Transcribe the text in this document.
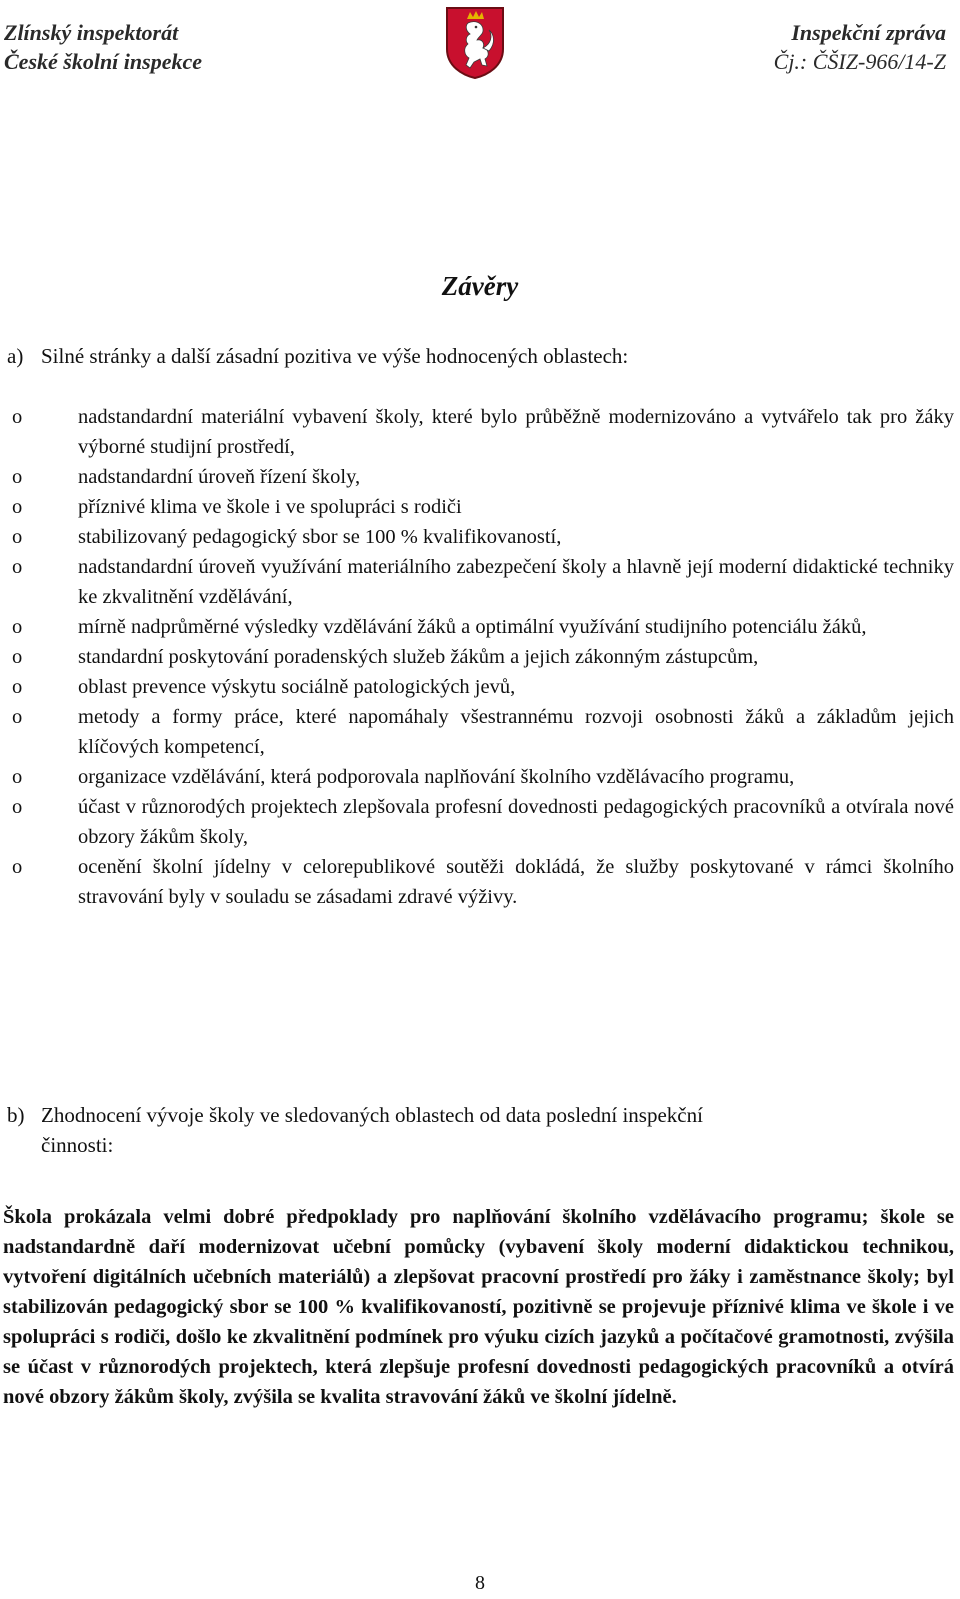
Zlínský inspektorát
České školní inspekce
Inspekční zpráva
Čj.: ČŠIZ-966/14-Z
Závěry
a) Silné stránky a další zásadní pozitiva ve výše hodnocených oblastech:
o	nadstandardní materiální vybavení školy, které bylo průběžně modernizováno a vytvářelo tak pro žáky výborné studijní prostředí,
o	nadstandardní úroveň řízení školy,
o	příznivé klima ve škole i ve spolupráci s rodiči
o	stabilizovaný pedagogický sbor se 100 % kvalifikovaností,
o	nadstandardní úroveň využívání materiálního zabezpečení školy a hlavně její moderní didaktické techniky ke zkvalitnění vzdělávání,
o	mírně nadprůměrné výsledky vzdělávání žáků a optimální využívání studijního potenciálu žáků,
o	standardní poskytování poradenských služeb žákům a jejich zákonným zástupcům,
o	oblast prevence výskytu sociálně patologických jevů,
o	metody a formy práce, které napomáhaly všestrannému rozvoji osobnosti žáků a základům jejich klíčových kompetencí,
o	organizace vzdělávání, která podporovala naplňování školního vzdělávacího programu,
o	účast v různorodých projektech zlepšovala profesní dovednosti pedagogických pracovníků a otvírala nové obzory žákům školy,
o	ocenění školní jídelny v celorepublikové soutěži dokládá, že služby poskytované v rámci školního stravování byly v souladu se zásadami zdravé výživy.
b) Zhodnocení vývoje školy ve sledovaných oblastech od data poslední inspekční
činnosti:

Škola prokázala velmi dobré předpoklady pro naplňování školního vzdělávacího programu; škole se nadstandardně daří modernizovat učební pomůcky (vybavení školy moderní didaktickou technikou, vytvoření digitálních učebních materiálů) a zlepšovat pracovní prostředí pro žáky i zaměstnance školy; byl stabilizován pedagogický sbor se 100 % kvalifikovaností, pozitivně se projevuje příznivé klima ve škole i ve spolupráci s rodiči, došlo ke zkvalitnění podmínek pro výuku cizích jazyků a počítačové gramotnosti, zvýšila se účast v různorodých projektech, která zlepšuje profesní dovednosti pedagogických pracovníků a otvírá nové obzory žákům školy, zvýšila se kvalita stravování žáků ve školní jídelně.

8
